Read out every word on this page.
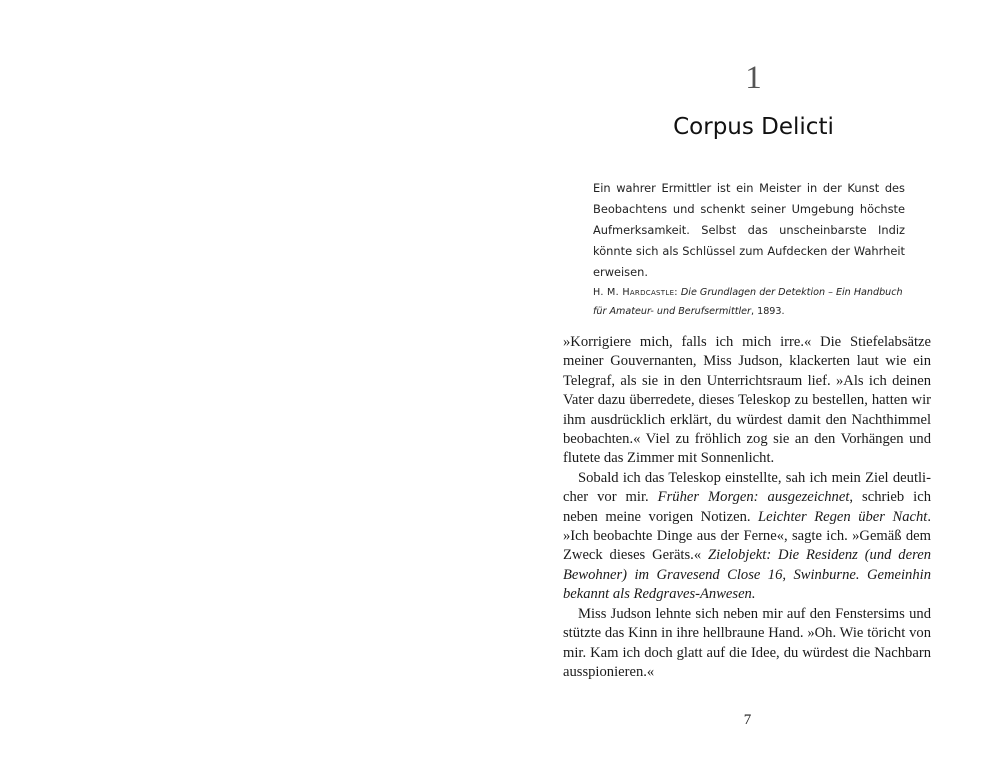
1
Corpus Delicti

Ein wahrer Ermittler ist ein Meister in der Kunst des Beobachtens und schenkt seiner Umgebung höchste Aufmerksamkeit. Selbst das unscheinbarste Indiz könnte sich als Schlüssel zum Aufdecken der Wahrheit erweisen.

H. M. Hardcastle: Die Grundlagen der Detektion – Ein Handbuch für Amateur- und Berufsermittler, 1893.

»Korrigiere mich, falls ich mich irre.« Die Stiefelabsätze meiner Gouvernanten, Miss Judson, klackerten laut wie ein Telegraf, als sie in den Unterrichtsraum lief. »Als ich deinen Vater dazu überredete, dieses Teleskop zu bestellen, hatten wir ihm ausdrücklich erklärt, du würdest damit den Nachthimmel beobachten.« Viel zu fröhlich zog sie an den Vorhängen und flutete das Zimmer mit Sonnenlicht.

Sobald ich das Teleskop einstellte, sah ich mein Ziel deutlicher vor mir. Früher Morgen: ausgezeichnet, schrieb ich neben meine vorigen Notizen. Leichter Regen über Nacht. »Ich beobachte Dinge aus der Ferne«, sagte ich. »Gemäß dem Zweck dieses Geräts.« Zielobjekt: Die Residenz (und deren Bewohner) im Gravesend Close 16, Swinburne. Gemeinhin bekannt als Redgraves-Anwesen.

Miss Judson lehnte sich neben mir auf den Fenstersims und stützte das Kinn in ihre hellbraune Hand. »Oh. Wie töricht von mir. Kam ich doch glatt auf die Idee, du würdest die Nachbarn ausspionieren.«

7
